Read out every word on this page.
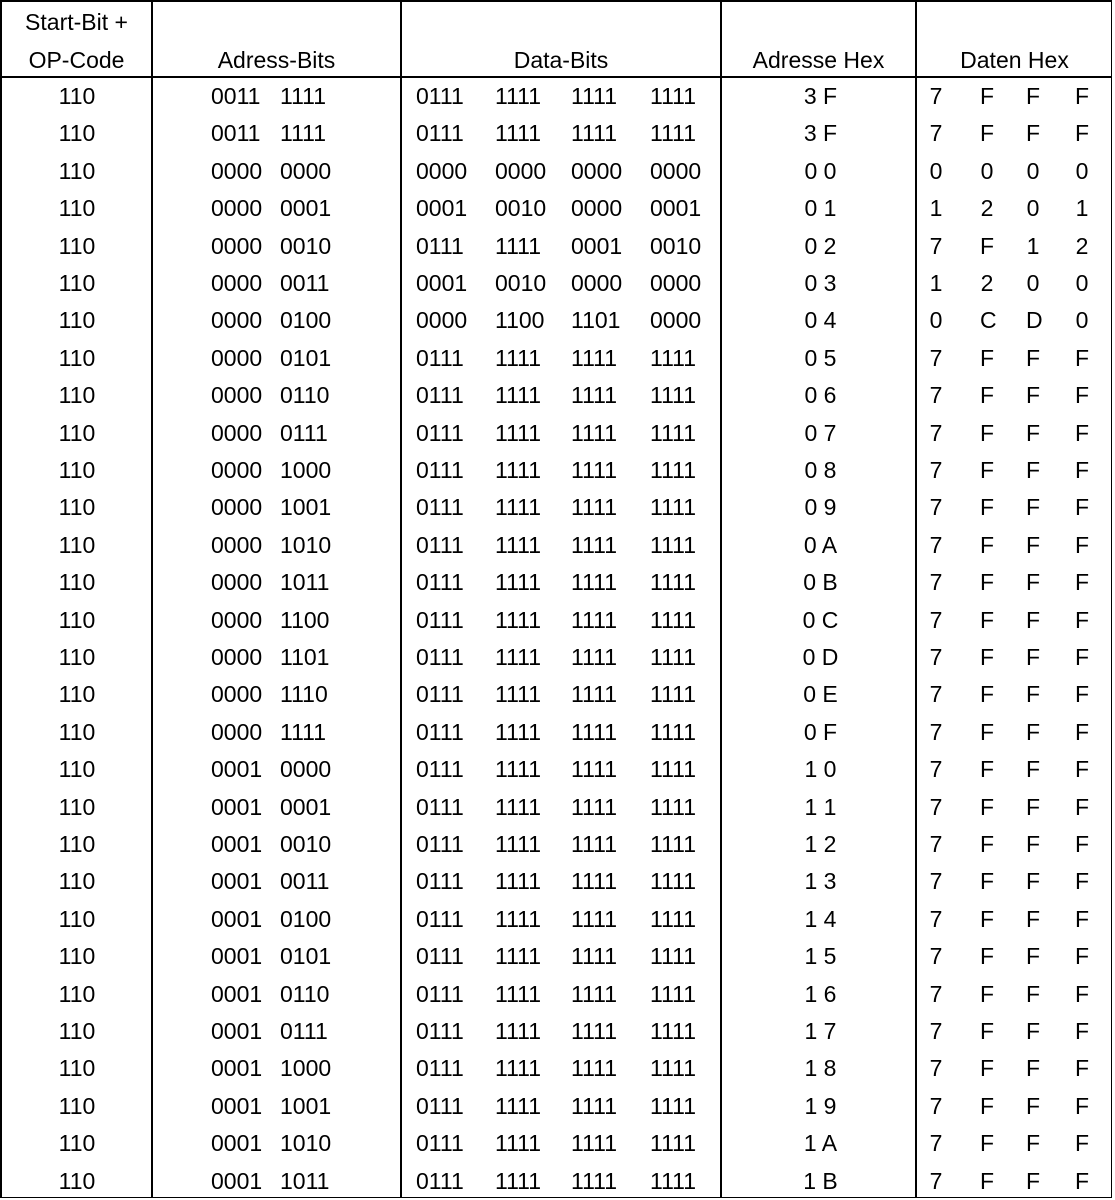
Start-Bit +
OP-Code	Adress-Bits	Data-Bits	Adresse Hex	Daten Hex
110	0011 1111	0111 1111 1111 1111	3 F	7 F F F
110	0011 1111	0111 1111 1111 1111	3 F	7 F F F
110	0000 0000	0000 0000 0000 0000	0 0	0 0 0 0
110	0000 0001	0001 0010 0000 0001	0 1	1 2 0 1
110	0000 0010	0111 1111 0001 0010	0 2	7 F 1 2
110	0000 0011	0001 0010 0000 0000	0 3	1 2 0 0
110	0000 0100	0000 1100 1101 0000	0 4	0 C D 0
110	0000 0101	0111 1111 1111 1111	0 5	7 F F F
110	0000 0110	0111 1111 1111 1111	0 6	7 F F F
110	0000 0111	0111 1111 1111 1111	0 7	7 F F F
110	0000 1000	0111 1111 1111 1111	0 8	7 F F F
110	0000 1001	0111 1111 1111 1111	0 9	7 F F F
110	0000 1010	0111 1111 1111 1111	0 A	7 F F F
110	0000 1011	0111 1111 1111 1111	0 B	7 F F F
110	0000 1100	0111 1111 1111 1111	0 C	7 F F F
110	0000 1101	0111 1111 1111 1111	0 D	7 F F F
110	0000 1110	0111 1111 1111 1111	0 E	7 F F F
110	0000 1111	0111 1111 1111 1111	0 F	7 F F F
110	0001 0000	0111 1111 1111 1111	1 0	7 F F F
110	0001 0001	0111 1111 1111 1111	1 1	7 F F F
110	0001 0010	0111 1111 1111 1111	1 2	7 F F F
110	0001 0011	0111 1111 1111 1111	1 3	7 F F F
110	0001 0100	0111 1111 1111 1111	1 4	7 F F F
110	0001 0101	0111 1111 1111 1111	1 5	7 F F F
110	0001 0110	0111 1111 1111 1111	1 6	7 F F F
110	0001 0111	0111 1111 1111 1111	1 7	7 F F F
110	0001 1000	0111 1111 1111 1111	1 8	7 F F F
110	0001 1001	0111 1111 1111 1111	1 9	7 F F F
110	0001 1010	0111 1111 1111 1111	1 A	7 F F F
110	0001 1011	0111 1111 1111 1111	1 B	7 F F F
